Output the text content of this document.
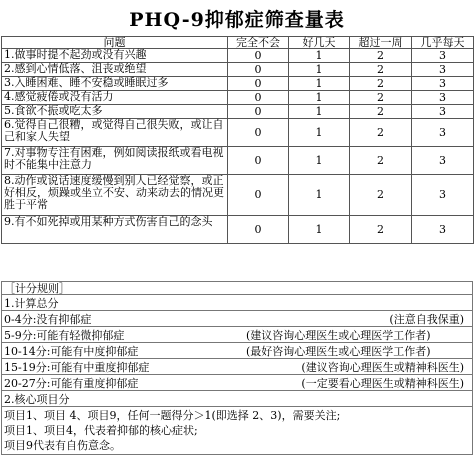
PHQ-9抑郁症筛查量表
问题	完全不会	好几天	超过一周	几乎每天
1.做事时提不起劲或没有兴趣	0	1	2	3
2.感到心情低落、沮丧或绝望	0	1	2	3
3.入睡困难、睡不安稳或睡眠过多	0	1	2	3
4.感觉疲倦或没有活力	0	1	2	3
5.食欲不振或吃太多	0	1	2	3
6.觉得自己很糟，或觉得自己很失败，或让自己和家人失望	0	1	2	3
7.对事物专注有困难，例如阅读报纸或看电视时不能集中注意力	0	1	2	3
8.动作或说话速度缓慢到别人已经觉察，或正好相反，烦躁或坐立不安、动来动去的情况更胜于平常	0	1	2	3
9.有不如死掉或用某种方式伤害自己的念头	0	1	2	3
［计分规则］
1.计算总分
0-4分:没有抑郁症	(注意自我保重)
5-9分:可能有轻微抑郁症	(建议咨询心理医生或心理医学工作者)
10-14分:可能有中度抑郁症	(最好咨询心理医生或心理医学工作者)
15-19分:可能有中重度抑郁症	(建议咨询心理医生或精神科医生)
20-27分:可能有重度抑郁症	(一定要看心理医生或精神科医生)
2.核心项目分
项目1、项目 4、项目9，任何一题得分＞1(即选择 2、3)，需要关注;
项目1、项目4，代表着抑郁的核心症状;
项目9代表有自伤意念。
